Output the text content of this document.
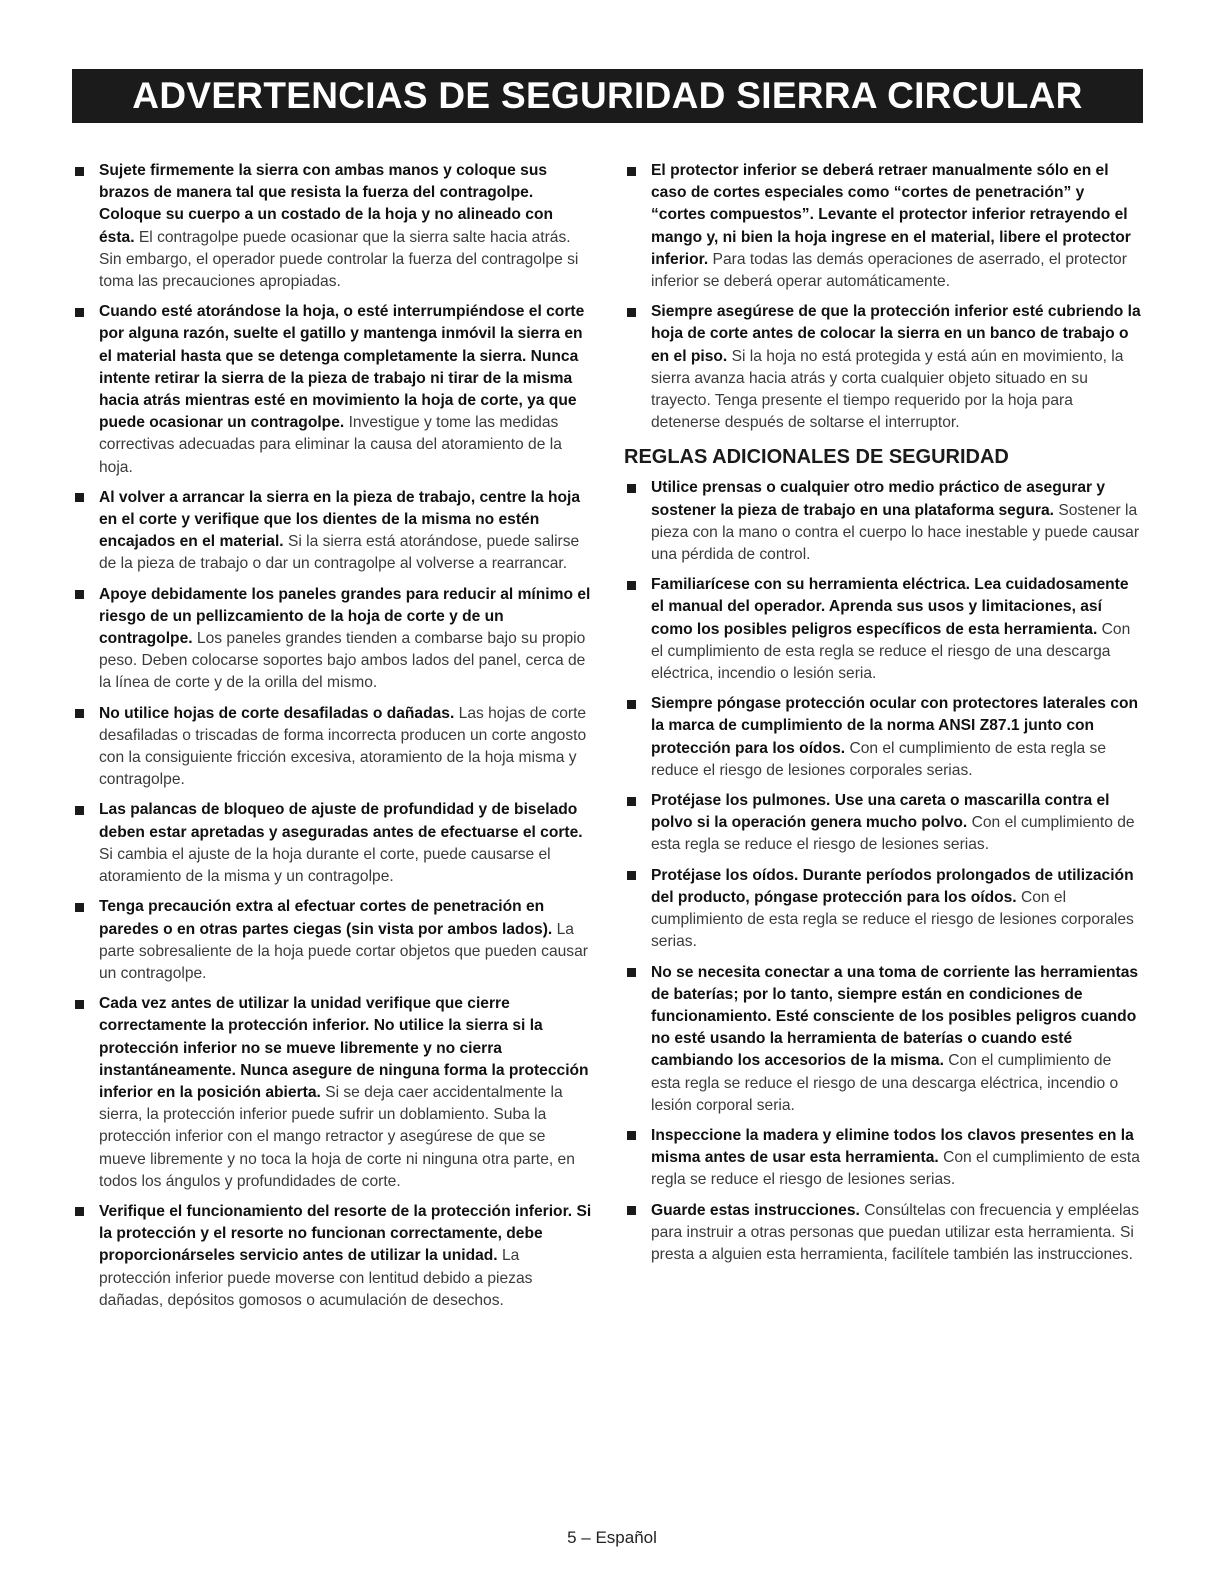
ADVERTENCIAS DE SEGURIDAD SIERRA CIRCULAR
Sujete firmemente la sierra con ambas manos y coloque sus brazos de manera tal que resista la fuerza del contragolpe. Coloque su cuerpo a un costado de la hoja y no alineado con ésta. El contragolpe puede ocasionar que la sierra salte hacia atrás. Sin embargo, el operador puede controlar la fuerza del contragolpe si toma las precauciones apropiadas.
Cuando esté atorándose la hoja, o esté interrumpiéndose el corte por alguna razón, suelte el gatillo y mantenga inmóvil la sierra en el material hasta que se detenga completamente la sierra. Nunca intente retirar la sierra de la pieza de trabajo ni tirar de la misma hacia atrás mientras esté en movimiento la hoja de corte, ya que puede ocasionar un contragolpe. Investigue y tome las medidas correctivas adecuadas para eliminar la causa del atoramiento de la hoja.
Al volver a arrancar la sierra en la pieza de trabajo, centre la hoja en el corte y verifique que los dientes de la misma no estén encajados en el material. Si la sierra está atorándose, puede salirse de la pieza de trabajo o dar un contragolpe al volverse a rearrancar.
Apoye debidamente los paneles grandes para reducir al mínimo el riesgo de un pellizcamiento de la hoja de corte y de un contragolpe. Los paneles grandes tienden a combarse bajo su propio peso. Deben colocarse soportes bajo ambos lados del panel, cerca de la línea de corte y de la orilla del mismo.
No utilice hojas de corte desafiladas o dañadas. Las hojas de corte desafiladas o triscadas de forma incorrecta producen un corte angosto con la consiguiente fricción excesiva, atoramiento de la hoja misma y contragolpe.
Las palancas de bloqueo de ajuste de profundidad y de biselado deben estar apretadas y aseguradas antes de efectuarse el corte. Si cambia el ajuste de la hoja durante el corte, puede causarse el atoramiento de la misma y un contragolpe.
Tenga precaución extra al efectuar cortes de penetración en paredes o en otras partes ciegas (sin vista por ambos lados). La parte sobresaliente de la hoja puede cortar objetos que pueden causar un contragolpe.
Cada vez antes de utilizar la unidad verifique que cierre correctamente la protección inferior. No utilice la sierra si la protección inferior no se mueve libremente y no cierra instantáneamente. Nunca asegure de ninguna forma la protección inferior en la posición abierta. Si se deja caer accidentalmente la sierra, la protección inferior puede sufrir un doblamiento. Suba la protección inferior con el mango retractor y asegúrese de que se mueve libremente y no toca la hoja de corte ni ninguna otra parte, en todos los ángulos y profundidades de corte.
Verifique el funcionamiento del resorte de la protección inferior. Si la protección y el resorte no funcionan correctamente, debe proporcionárseles servicio antes de utilizar la unidad. La protección inferior puede moverse con lentitud debido a piezas dañadas, depósitos gomosos o acumulación de desechos.
El protector inferior se deberá retraer manualmente sólo en el caso de cortes especiales como “cortes de penetración” y “cortes compuestos”. Levante el protector inferior retrayendo el mango y, ni bien la hoja ingrese en el material, libere el protector inferior. Para todas las demás operaciones de aserrado, el protector inferior se deberá operar automáticamente.
Siempre asegúrese de que la protección inferior esté cubriendo la hoja de corte antes de colocar la sierra en un banco de trabajo o en el piso. Si la hoja no está protegida y está aún en movimiento, la sierra avanza hacia atrás y corta cualquier objeto situado en su trayecto. Tenga presente el tiempo requerido por la hoja para detenerse después de soltarse el interruptor.
REGLAS ADICIONALES DE SEGURIDAD
Utilice prensas o cualquier otro medio práctico de asegurar y sostener la pieza de trabajo en una plataforma segura. Sostener la pieza con la mano o contra el cuerpo lo hace inestable y puede causar una pérdida de control.
Familiarícese con su herramienta eléctrica. Lea cuidadosamente el manual del operador. Aprenda sus usos y limitaciones, así como los posibles peligros específicos de esta herramienta. Con el cumplimiento de esta regla se reduce el riesgo de una descarga eléctrica, incendio o lesión seria.
Siempre póngase protección ocular con protectores laterales con la marca de cumplimiento de la norma ANSI Z87.1 junto con protección para los oídos. Con el cumplimiento de esta regla se reduce el riesgo de lesiones corporales serias.
Protéjase los pulmones. Use una careta o mascarilla contra el polvo si la operación genera mucho polvo. Con el cumplimiento de esta regla se reduce el riesgo de lesiones serias.
Protéjase los oídos. Durante períodos prolongados de utilización del producto, póngase protección para los oídos. Con el cumplimiento de esta regla se reduce el riesgo de lesiones corporales serias.
No se necesita conectar a una toma de corriente las herramientas de baterías; por lo tanto, siempre están en condiciones de funcionamiento. Esté consciente de los posibles peligros cuando no esté usando la herramienta de baterías o cuando esté cambiando los accesorios de la misma. Con el cumplimiento de esta regla se reduce el riesgo de una descarga eléctrica, incendio o lesión corporal seria.
Inspeccione la madera y elimine todos los clavos presentes en la misma antes de usar esta herramienta. Con el cumplimiento de esta regla se reduce el riesgo de lesiones serias.
Guarde estas instrucciones. Consúltelas con frecuencia y empléelas para instruir a otras personas que puedan utilizar esta herramienta. Si presta a alguien esta herramienta, facilítele también las instrucciones.
5 – Español
